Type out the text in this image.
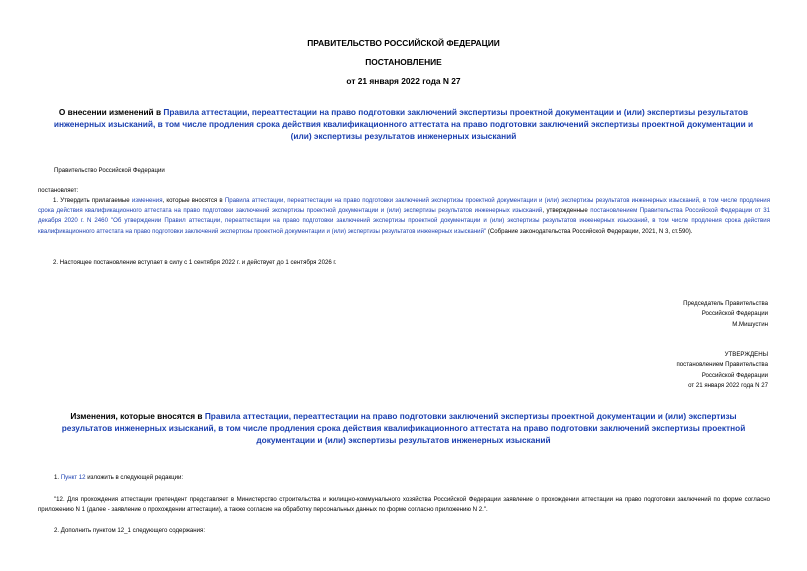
ПРАВИТЕЛЬСТВО РОССИЙСКОЙ ФЕДЕРАЦИИ
ПОСТАНОВЛЕНИЕ
от 21 января 2022 года N 27
О внесении изменений в Правила аттестации, переаттестации на право подготовки заключений экспертизы проектной документации и (или) экспертизы результатов инженерных изысканий, в том числе продления срока действия квалификационного аттестата на право подготовки заключений экспертизы проектной документации и (или) экспертизы результатов инженерных изысканий
Правительство Российской Федерации
постановляет:
1. Утвердить прилагаемые изменения, которые вносятся в Правила аттестации, переаттестации на право подготовки заключений экспертизы проектной документации и (или) экспертизы результатов инженерных изысканий, в том числе продления срока действия квалификационного аттестата на право подготовки заключений экспертизы проектной документации и (или) экспертизы результатов инженерных изысканий, утвержденные постановлением Правительства Российской Федерации от 31 декабря 2020 г. N 2460 "Об утверждении Правил аттестации, переаттестации на право подготовки заключений экспертизы проектной документации и (или) экспертизы результатов инженерных изысканий, в том числе продления срока действия квалификационного аттестата на право подготовки заключений экспертизы проектной документации и (или) экспертизы результатов инженерных изысканий" (Собрание законодательства Российской Федерации, 2021, N 3, ст.590).
2. Настоящее постановление вступает в силу с 1 сентября 2022 г. и действует до 1 сентября 2026 г.
Председатель Правительства
Российской Федерации
М.Мишустин
УТВЕРЖДЕНЫ
постановлением Правительства
Российской Федерации
от 21 января 2022 года N 27
Изменения, которые вносятся в Правила аттестации, переаттестации на право подготовки заключений экспертизы проектной документации и (или) экспертизы результатов инженерных изысканий, в том числе продления срока действия квалификационного аттестата на право подготовки заключений экспертизы проектной документации и (или) экспертизы результатов инженерных изысканий
1. Пункт 12 изложить в следующей редакции:
"12. Для прохождения аттестации претендент представляет в Министерство строительства и жилищно-коммунального хозяйства Российской Федерации заявление о прохождении аттестации на право подготовки заключений по форме согласно приложению N 1 (далее - заявление о прохождении аттестации), а также согласие на обработку персональных данных по форме согласно приложению N 2.".
2. Дополнить пунктом 12_1 следующего содержания:
